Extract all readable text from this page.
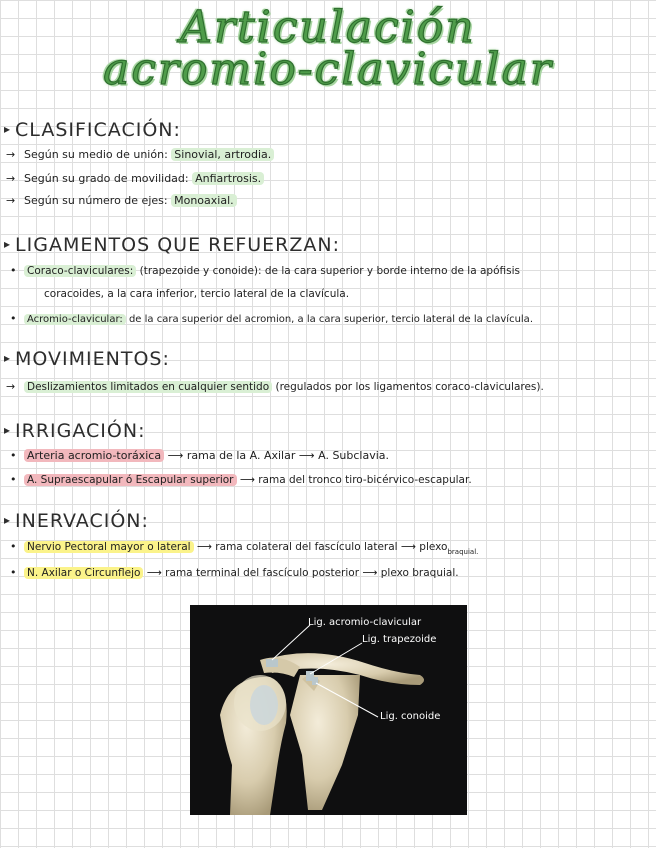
Articulación
acromio-clavicular
▸ CLASIFICACIÓN:
→ Según su medio de unión: Sinovial, artrodia.
→ Según su grado de movilidad: Anfiartrosis.
→ Según su número de ejes: Monoaxial.
▸ LIGAMENTOS QUE REFUERZAN:
• Coraco-claviculares: (trapezoide y conoide): de la cara superior y borde interno de la apófisis
coracoides, a la cara inferior, tercio lateral de la clavícula.
• Acromio-clavicular: de la cara superior del acromion, a la cara superior, tercio lateral de la clavícula.
▸ MOVIMIENTOS:
→ Deslizamientos limitados en cualquier sentido (regulados por los ligamentos coraco-claviculares).
▸ IRRIGACIÓN:
• Arteria acromio-toráxica ⟶ rama de la A. Axilar ⟶ A. Subclavia.
• A. Supraescapular ó Escapular superior ⟶ rama del tronco tiro-bicérvico-escapular.
▸ INERVACIÓN:
• Nervio Pectoral mayor o lateral ⟶ rama colateral del fascículo lateral ⟶ plexo$_{braquial.}$
• N. Axilar o Circunflejo ⟶ rama terminal del fascículo posterior ⟶ plexo braquial.
Lig. acromio-clavicular
Lig. trapezoide
Lig. conoide
